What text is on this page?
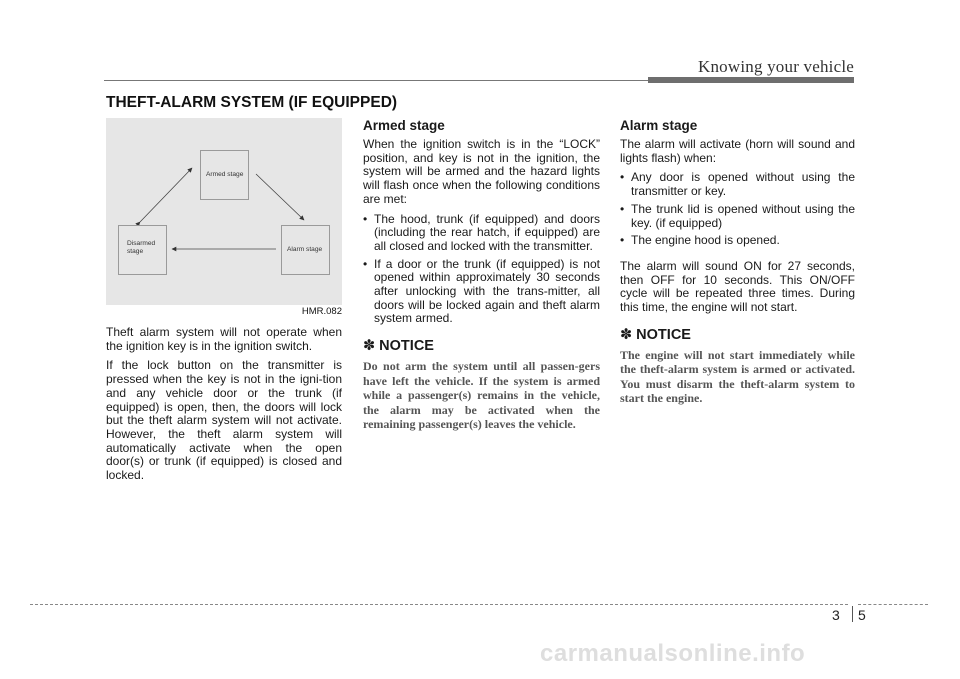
Knowing your vehicle
THEFT-ALARM SYSTEM (IF EQUIPPED)
Armed stage
Disarmed stage	Alarm stage
HMR.082

Theft alarm system will not operate when the ignition key is in the ignition switch.

If the lock button on the transmitter is pressed when the key is not in the igni-tion and any vehicle door or the trunk (if equipped) is open, then, the doors will lock but the theft alarm system will not activate. However, the theft alarm system will automatically activate when the open door(s) or trunk (if equipped) is closed and locked.

Armed stage

When the ignition switch is in the “LOCK” position, and key is not in the ignition, the system will be armed and the hazard lights will flash once when the following conditions are met:

• The hood, trunk (if equipped) and doors (including the rear hatch, if equipped) are all closed and locked with the transmitter.
• If a door or the trunk (if equipped) is not opened within approximately 30 seconds after unlocking with the trans-mitter, all doors will be locked again and theft alarm system armed.
✽ NOTICE

Do not arm the system until all passen-gers have left the vehicle. If the system is armed while a passenger(s) remains in the vehicle, the alarm may be activated when the remaining passenger(s) leaves the vehicle.

Alarm stage

The alarm will activate (horn will sound and lights flash) when:

• Any door is opened without using the transmitter or key.
• The trunk lid is opened without using the key. (if equipped)
• The engine hood is opened.

The alarm will sound ON for 27 seconds, then OFF for 10 seconds. This ON/OFF cycle will be repeated three times. During this time, the engine will not start.

✽ NOTICE

The engine will not start immediately while the theft-alarm system is armed or activated. You must disarm the theft-alarm system to start the engine.

3 5
carmanualsonline.info
